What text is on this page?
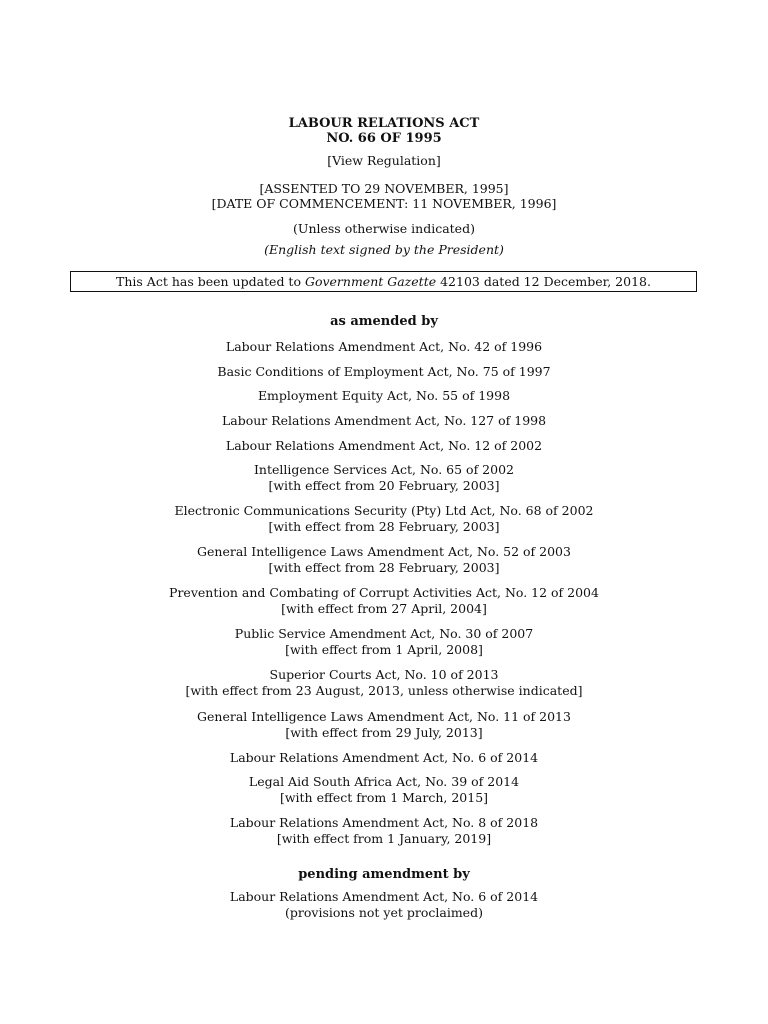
LABOUR RELATIONS ACT
NO. 66 OF 1995
[View Regulation]
[ASSENTED TO 29 NOVEMBER, 1995]
[DATE OF COMMENCEMENT: 11 NOVEMBER, 1996]
(Unless otherwise indicated)
(English text signed by the President)
This Act has been updated to Government Gazette 42103 dated 12 December, 2018.
as amended by
Labour Relations Amendment Act, No. 42 of 1996
Basic Conditions of Employment Act, No. 75 of 1997
Employment Equity Act, No. 55 of 1998
Labour Relations Amendment Act, No. 127 of 1998
Labour Relations Amendment Act, No. 12 of 2002
Intelligence Services Act, No. 65 of 2002
[with effect from 20 February, 2003]
Electronic Communications Security (Pty) Ltd Act, No. 68 of 2002
[with effect from 28 February, 2003]
General Intelligence Laws Amendment Act, No. 52 of 2003
[with effect from 28 February, 2003]
Prevention and Combating of Corrupt Activities Act, No. 12 of 2004
[with effect from 27 April, 2004]
Public Service Amendment Act, No. 30 of 2007
[with effect from 1 April, 2008]
Superior Courts Act, No. 10 of 2013
[with effect from 23 August, 2013, unless otherwise indicated]
General Intelligence Laws Amendment Act, No. 11 of 2013
[with effect from 29 July, 2013]
Labour Relations Amendment Act, No. 6 of 2014
Legal Aid South Africa Act, No. 39 of 2014
[with effect from 1 March, 2015]
Labour Relations Amendment Act, No. 8 of 2018
[with effect from 1 January, 2019]
pending amendment by
Labour Relations Amendment Act, No. 6 of 2014
(provisions not yet proclaimed)
